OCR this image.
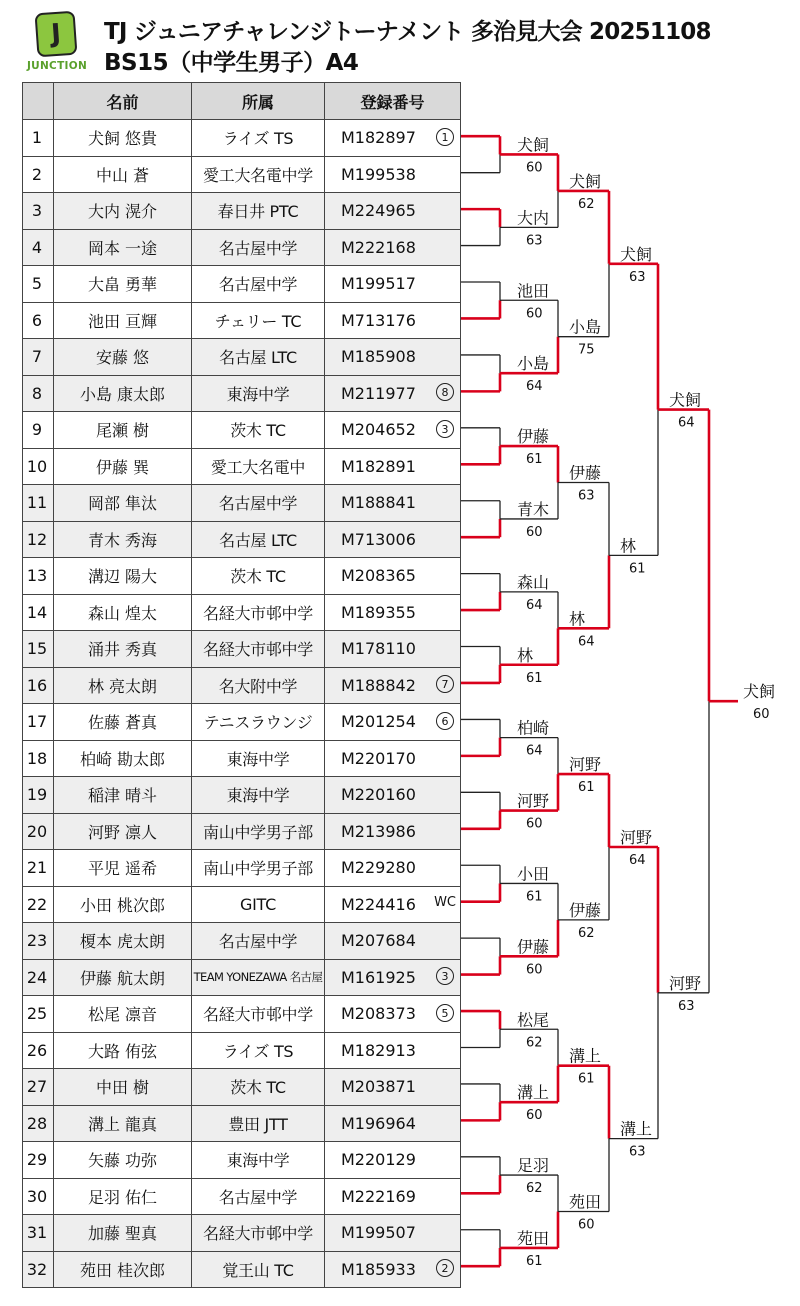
J
JUNCTION
TJ ジュニアチャレンジトーナメント 多治見大会 20251108
BS15（中学生男子）A4
	名前	所属	登録番号
1	犬飼 悠貴	ライズ TS	M182897 1

2	中山 蒼	愛工大名電中学	M199538
3	大内 滉介	春日井 PTC	M224965
4	岡本 一途	名古屋中学	M222168
5	大畠 勇華	名古屋中学	M199517
6	池田 亘輝	チェリー TC	M713176
7	安藤 悠	名古屋 LTC	M185908
8	小島 康太郎	東海中学	M211977 8

9	尾瀬 樹	茨木 TC	M204652 3

10	伊藤 巽	愛工大名電中	M182891
11	岡部 隼汰	名古屋中学	M188841
12	青木 秀海	名古屋 LTC	M713006
13	溝辺 陽大	茨木 TC	M208365
14	森山 煌太	名経大市邨中学	M189355
15	涌井 秀真	名経大市邨中学	M178110
16	林 亮太朗	名大附中学	M188842 7

17	佐藤 蒼真	テニスラウンジ	M201254 6

18	柏崎 勘太郎	東海中学	M220170
19	稲津 晴斗	東海中学	M220160
20	河野 凛人	南山中学男子部	M213986
21	平児 遥希	南山中学男子部	M229280
22	小田 桃次郎	GITC	M224416 WC

23	榎本 虎太朗	名古屋中学	M207684
24	伊藤 航太朗	TEAM YONEZAWA 名古屋	M161925 3

25	松尾 凛音	名経大市邨中学	M208373 5

26	大路 侑弦	ライズ TS	M182913
27	中田 樹	茨木 TC	M203871
28	溝上 龍真	豊田 JTT	M196964
29	矢藤 功弥	東海中学	M220129
30	足羽 佑仁	名古屋中学	M222169
31	加藤 聖真	名経大市邨中学	M199507
32	苑田 桂次郎	覚王山 TC	M185933 2
犬飼
60
大内
63
池田
60
小島
64
伊藤
61
青木
60
森山
64
林
61
柏崎
64
河野
60
小田
61
伊藤
60
松尾
62
溝上
60
足羽
62
苑田
61
犬飼
62
小島
75
伊藤
63
林
64
河野
61
伊藤
62
溝上
61
苑田
60
犬飼
63
林
61
河野
64
溝上
63
犬飼
64
河野
63
犬飼
60
